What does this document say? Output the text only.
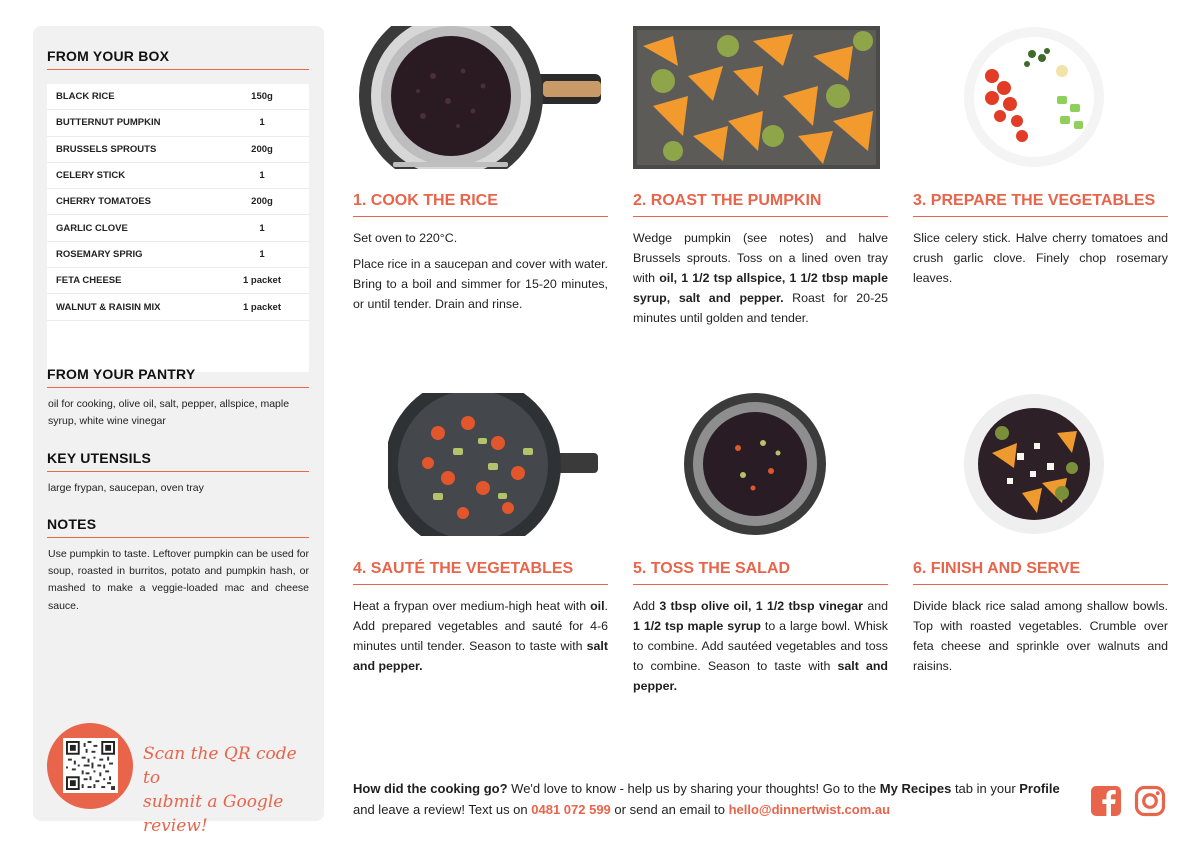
FROM YOUR BOX
BLACK RICE	150g
BUTTERNUT PUMPKIN	1
BRUSSELS SPROUTS	200g
CELERY STICK	1
CHERRY TOMATOES	200g
GARLIC CLOVE	1
ROSEMARY SPRIG	1
FETA CHEESE	1 packet
WALNUT & RAISIN MIX	1 packet
FROM YOUR PANTRY
oil for cooking, olive oil, salt, pepper, allspice, maple syrup, white wine vinegar
KEY UTENSILS
large frypan, saucepan, oven tray
NOTES
Use pumpkin to taste. Leftover pumpkin can be used for soup, roasted in burritos, potato and pumpkin hash, or mashed to make a veggie-loaded mac and cheese sauce.
Scan the QR code to
submit a Google review!
1. COOK THE RICE

Set oven to 220°C.

Place rice in a saucepan and cover with water. Bring to a boil and simmer for 15-20 minutes, or until tender. Drain and rinse.

2. ROAST THE PUMPKIN
Wedge pumpkin (see notes) and halve Brussels sprouts. Toss on a lined oven tray with oil, 1 1/2 tsp allspice, 1 1/2 tbsp maple syrup, salt and pepper. Roast for 20-25 minutes until golden and tender.
3. PREPARE THE VEGETABLES
Slice celery stick. Halve cherry tomatoes and crush garlic clove. Finely chop rosemary leaves.
4. SAUTÉ THE VEGETABLES
Heat a frypan over medium-high heat with oil. Add prepared vegetables and sauté for 4-6 minutes until tender. Season to taste with salt and pepper.
5. TOSS THE SALAD
Add 3 tbsp olive oil, 1 1/2 tbsp vinegar and 1 1/2 tsp maple syrup to a large bowl. Whisk to combine. Add sautéed vegetables and toss to combine. Season to taste with salt and pepper.
6. FINISH AND SERVE
Divide black rice salad among shallow bowls. Top with roasted vegetables. Crumble over feta cheese and sprinkle over walnuts and raisins.
How did the cooking go? We'd love to know - help us by sharing your thoughts! Go to the My Recipes tab in your Profile and leave a review! Text us on 0481 072 599 or send an email to hello@dinnertwist.com.au
